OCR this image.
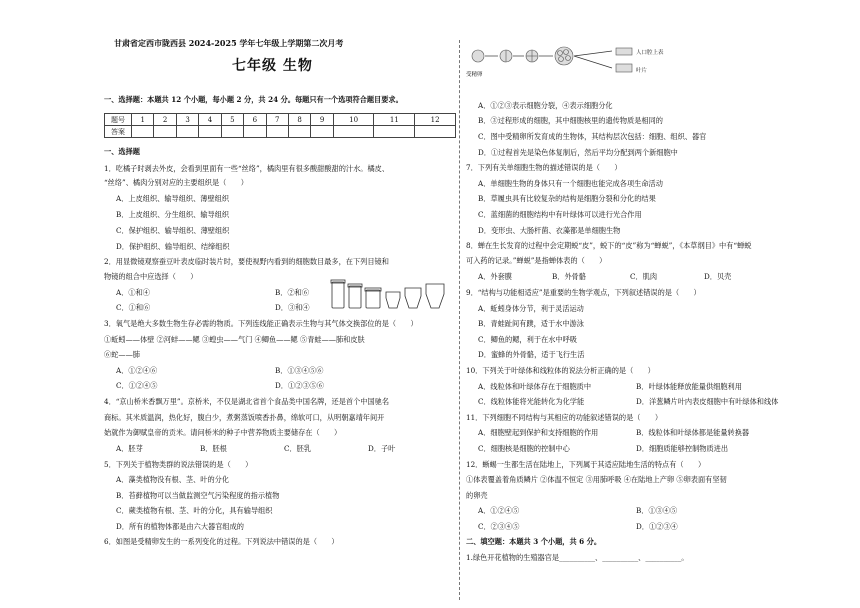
甘肃省定西市陇西县 2024-2025 学年七年级上学期第二次月考
七年级 生物
一、选择题：本题共 12 个小题，每小题 2 分，共 24 分。每题只有一个选项符合题目要求。
题号	1	2	3	4	5	6	7	8	9	10	11	12
答案												
一、选择题
1．吃橘子时剥去外皮，会看到里面有一些“丝络”，橘肉里有很多酸甜酸甜的汁水。橘皮、
“丝络”、橘肉分别对应的主要组织是（　　）
A．上皮组织、输导组织、薄壁组织
B．上皮组织、分生组织、输导组织
C．保护组织、输导组织、薄壁组织
D．保护组织、输导组织、结缔组织
2．用显微镜观察蚕豆叶表皮临时装片时，要使视野内看到的细胞数目最多，在下列目镜和
物镜的组合中应选择（　　）
A．①和④	B．②和⑥
C．①和⑥	D．③和④
3．氧气是绝大多数生物生存必需的物质。下列连线能正确表示生物与其气体交换部位的是（　　）
①蚯蚓——体壁 ②河蚌——鳃 ③蝗虫——气门 ④鲫鱼——鳃 ⑤青蛙——肺和皮肤
⑥蛇——肺
A．①②④⑥	B．①③④⑤⑥
C．①②④⑤	D．①②③⑤⑥
4．“京山桥米香飘万里”。京桥米，不仅是湖北省首个食品类中国名牌，还是首个中国驰名
商标。其米质温润，热化好，腹白少，煮粥蒸饭喷香扑鼻，绵软可口，从明朝嘉靖年间开
始就作为御赋皇帝的贡米。请问桥米的种子中营养物质主要储存在（　　）
A．胚芽	B．胚根	C．胚乳	D．子叶
5．下列关于植物类群的说法错误的是（　　）
A．藻类植物没有根、茎、叶的分化
B．苔藓植物可以当做监测空气污染程度的指示植物
C．蕨类植物有根、茎、叶的分化，具有输导组织
D．所有的植物体都是由六大器官组成的
6．如图是受精卵发生的一系列变化的过程。下列说法中错误的是（　　）
受精卵
人口腔上表
叶片
A．①②③表示细胞分裂，④表示细胞分化
B．③过程形成的细胞，其中细胞核里的遗传物质是相同的
C．图中受精卵所发育成的生物体，其结构层次包括：细胞、组织、器官
D．①过程首先是染色体复制后，然后平均分配到两个新细胞中
7．下列有关单细胞生物的描述错误的是（　　）
A．单细胞生物的身体只有一个细胞也能完成各项生命活动
B．草履虫具有比较复杂的结构是细胞分裂和分化的结果
C．蓝细菌的细胞结构中有叶绿体可以进行光合作用
D．变形虫、大肠杆菌、衣藻都是单细胞生物
8．蝉在生长发育的过程中会定期蜕“皮”，蜕下的“皮”称为“蝉蜕”，《本草纲目》中有“蝉蜕
可入药的记录。”蝉蜕”是指蝉体表的（　　）
A．外套膜	B．外骨骼	C．肌肉	D．贝壳
9．“结构与功能相适应”是重要的生物学观点，下列叙述错误的是（　　）
A．蚯蚓身体分节，利于灵活运动
B．青蛙趾间有蹼，适于水中游泳
C．鲫鱼的鳃，利于在水中呼吸
D．蜜蜂的外骨骼，适于飞行生活
10．下列关于叶绿体和线粒体的说法分析正确的是（　　）
A．线粒体和叶绿体存在于细胞质中	B．叶绿体能释放能量供细胞利用
C．线粒体能将光能转化为化学能	D．洋葱鳞片叶内表皮细胞中有叶绿体和线体
11．下列细胞不同结构与其相应的功能叙述错误的是（　　）
A．细胞壁起到保护和支持细胞的作用	B．线粒体和叶绿体都是能量转换器
C．细胞核是细胞的控制中心	D．细胞质能够控制物质进出
12．蜥蜴一生都生活在陆地上，下列属于其适应陆地生活的特点有（　　）
①体表覆盖着角质鳞片 ②体温不恒定 ③用肺呼吸 ④在陆地上产卵 ⑤卵表面有坚韧
的卵壳
A．①②④⑤	B．①③④⑤
C．②③④⑤	D．①②③④
二、填空题：本题共 3 个小题，共 6 分。
1.绿色开花植物的生殖器官是__________、__________、__________。
